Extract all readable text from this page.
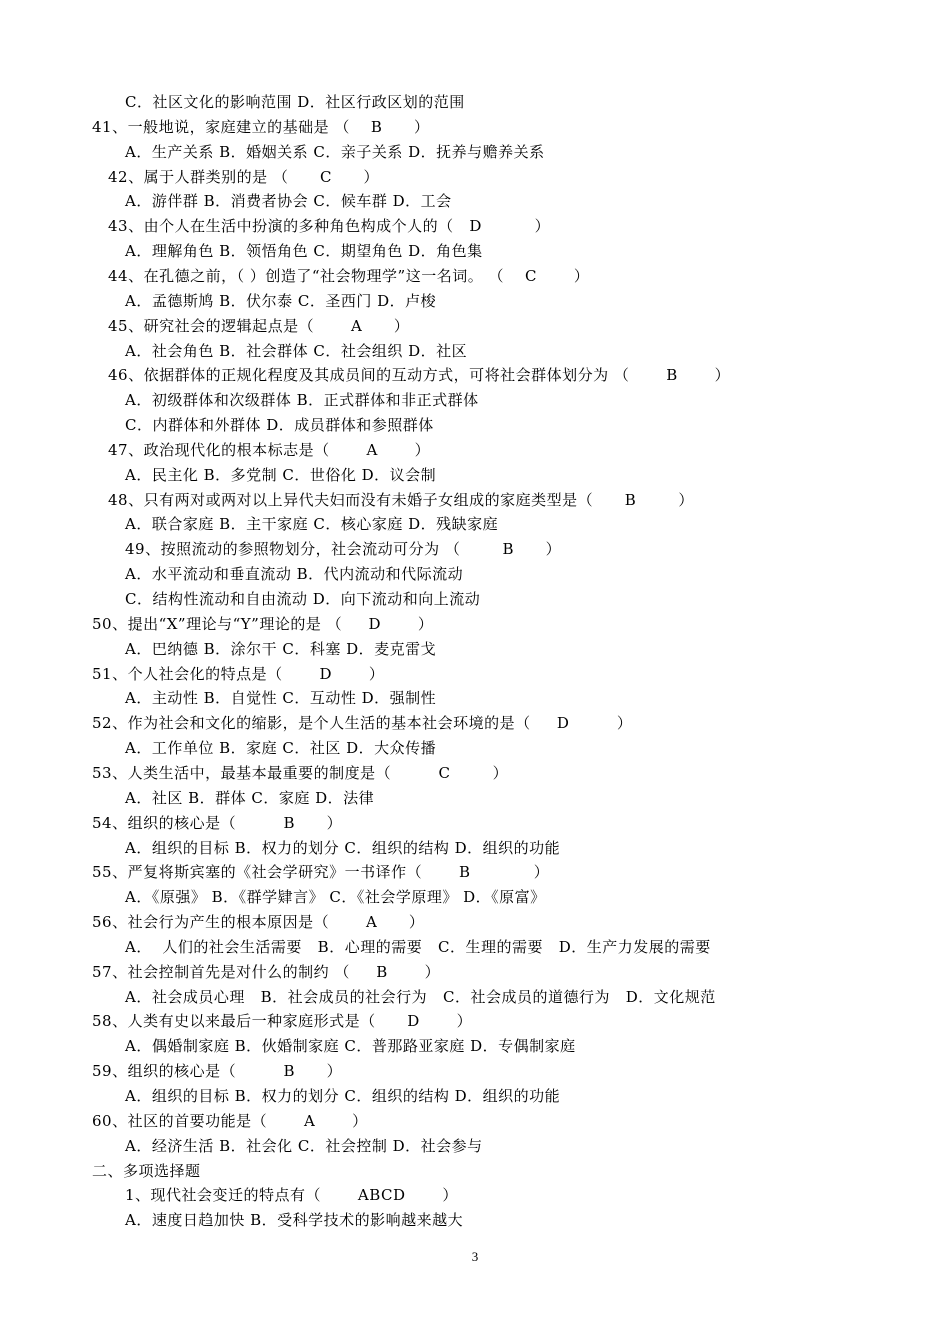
C．社区文化的影响范围 D．社区行政区划的范围
41、一般地说，家庭建立的基础是 （    B      ）
A．生产关系 B．婚姻关系 C．亲子关系 D．抚养与赡养关系
42、属于人群类别的是 （      C      ）
A．游伴群 B．消费者协会 C．候车群 D．工会
43、由个人在生活中扮演的多种角色构成个人的（   D          ）
A．理解角色 B．领悟角色 C．期望角色 D．角色集
44、在孔德之前，（ ）创造了“社会物理学”这一名词。 （    C       ）
A．孟德斯鸠 B．伏尔泰 C．圣西门 D．卢梭
45、研究社会的逻辑起点是（       A      ）
A．社会角色 B．社会群体 C．社会组织 D．社区
46、依据群体的正规化程度及其成员间的互动方式，可将社会群体划分为 （       B       ）
A．初级群体和次级群体 B．正式群体和非正式群体
C．内群体和外群体 D．成员群体和参照群体
47、政治现代化的根本标志是（       A       ）
A．民主化 B．多党制 C．世俗化 D．议会制
48、只有两对或两对以上异代夫妇而没有未婚子女组成的家庭类型是（      B        ）
A．联合家庭 B．主干家庭 C．核心家庭 D．残缺家庭
49、按照流动的参照物划分，社会流动可分为 （        B      ）
A．水平流动和垂直流动 B．代内流动和代际流动
C．结构性流动和自由流动 D．向下流动和向上流动
50、提出“X”理论与“Y”理论的是 （     D       ）
A．巴纳德 B．涂尔干 C．科塞 D．麦克雷戈
51、个人社会化的特点是（       D       ）
A．主动性 B．自觉性 C．互动性 D．强制性
52、作为社会和文化的缩影，是个人生活的基本社会环境的是（     D         ）
A．工作单位 B．家庭 C．社区 D．大众传播
53、人类生活中，最基本最重要的制度是（         C        ）
A．社区 B．群体 C．家庭 D．法律
54、组织的核心是（         B      ）
A．组织的目标 B．权力的划分 C．组织的结构 D．组织的功能
55、严复将斯宾塞的《社会学研究》一书译作（       B            ）
A．《原强》 B．《群学肄言》 C．《社会学原理》 D．《原富》
56、社会行为产生的根本原因是（       A      ）
A．  人们的社会生活需要   B．心理的需要   C．生理的需要   D．生产力发展的需要
57、社会控制首先是对什么的制约 （     B       ）
A．社会成员心理   B．社会成员的社会行为   C．社会成员的道德行为   D．文化规范
58、人类有史以来最后一种家庭形式是（      D       ）
A．偶婚制家庭 B．伙婚制家庭 C．普那路亚家庭 D．专偶制家庭
59、组织的核心是（         B      ）
A．组织的目标 B．权力的划分 C．组织的结构 D．组织的功能
60、社区的首要功能是（       A       ）
A．经济生活 B．社会化 C．社会控制 D．社会参与
二、多项选择题
1、现代社会变迁的特点有（       ABCD       ）
A．速度日趋加快 B．受科学技术的影响越来越大
3
